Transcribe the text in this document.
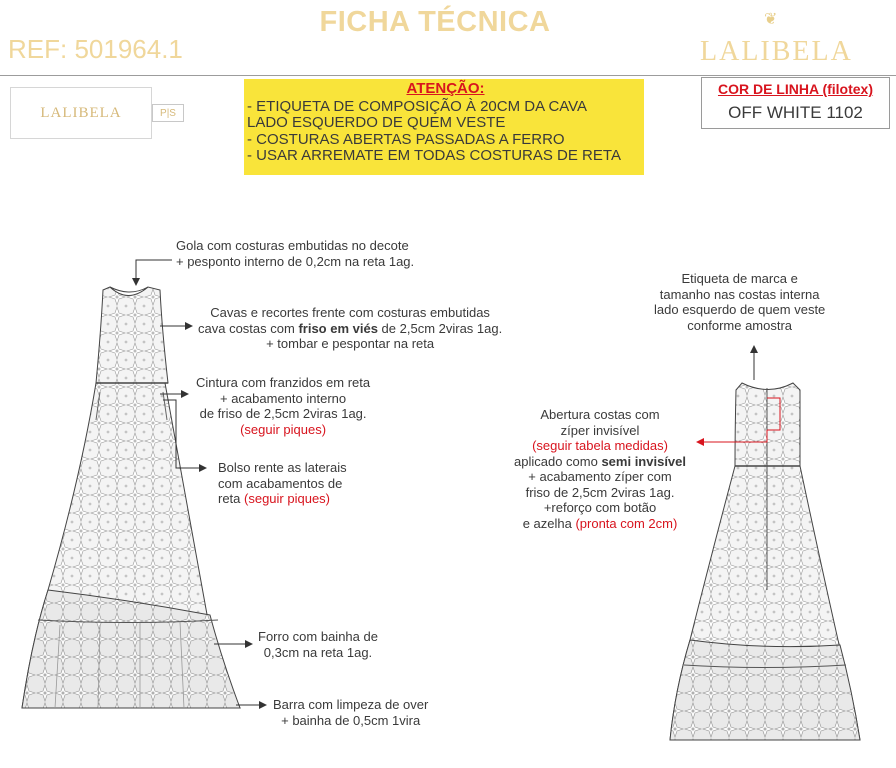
❦
FICHA TÉCNICA
REF: 501964.1	LALIBELA
LALIBELA	P|S
ATENÇÃO:
- ETIQUETA DE COMPOSIÇÃO À 20CM DA CAVA
LADO ESQUERDO DE QUEM VESTE
- COSTURAS ABERTAS PASSADAS A FERRO
- USAR ARREMATE EM TODAS COSTURAS DE RETA
COR DE LINHA (filotex)
OFF WHITE 1102
Gola com costuras embutidas no decote
+ pesponto interno de 0,2cm na reta 1ag.
Cavas e recortes frente com costuras embutidas
cava costas com friso em viés de 2,5cm 2viras 1ag.
+ tombar e pespontar na reta
Cintura com franzidos em reta
+ acabamento interno
de friso de 2,5cm 2viras 1ag.
(seguir piques)
Bolso rente as laterais
com acabamentos de
reta (seguir piques)
Forro com bainha de
0,3cm na reta 1ag.
Barra com limpeza de over
+ bainha de 0,5cm 1vira
Etiqueta de marca e
tamanho nas costas interna
lado esquerdo de quem veste
conforme amostra
Abertura costas com
zíper invisível
(seguir tabela medidas)
aplicado como semi invisível
+ acabamento zíper com
friso de 2,5cm 2viras 1ag.
+reforço com botão
e azelha (pronta com 2cm)
